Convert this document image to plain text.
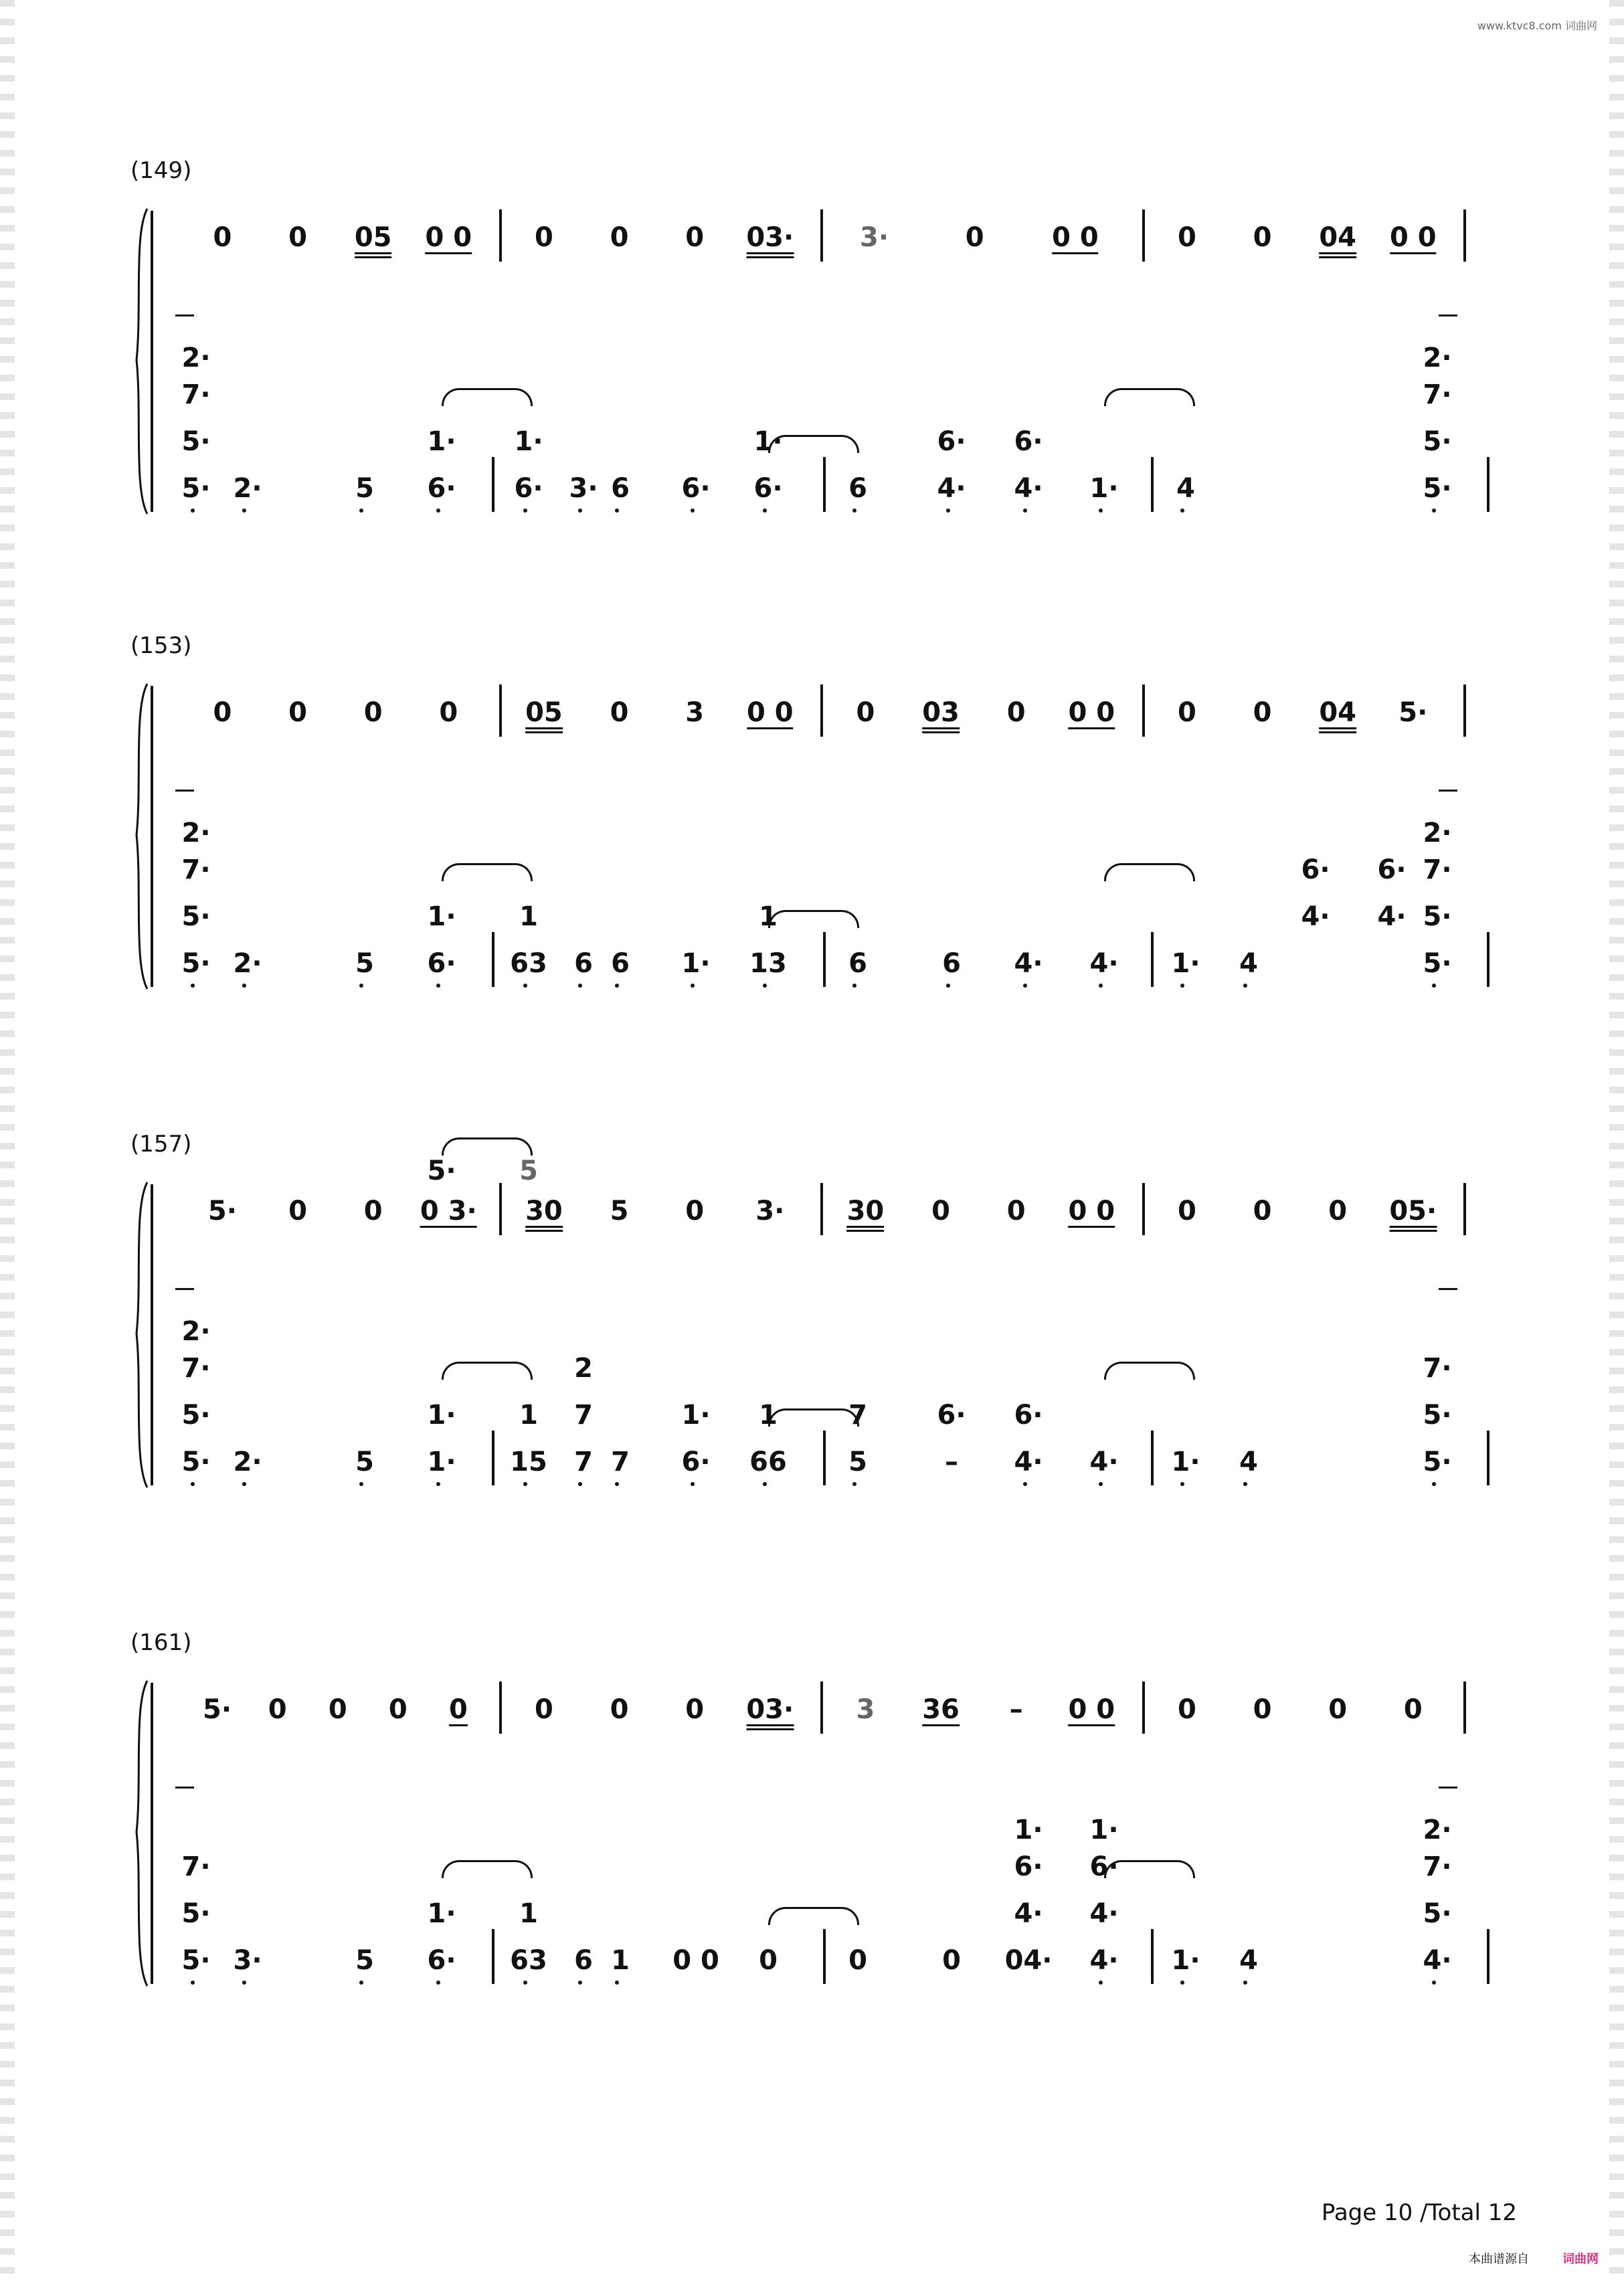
www.ktvc8.com 词曲网
(149)
0 0 05 0 0 0 0 0 03· 3·	0	0 0	0 0 04 0 0
2·	2·
7·	7·
5·	1· 1·	1·	6· 6·	5·
5· 2·	5 6· 6· 3· 6 6· 6· 6	4· 4· 1· 4	5·
(153)
0 0 0 0	05 0 3 0 0 0 03 0 0 0 0 0 04 5·
2·	2·
7·	6· 6· 7·
5·	1· 1	1	4· 4· 5·
5· 2·	5 6· 63 6 6 1· 13 6	6 4· 4· 1· 4	5·
(157)
5· 0 0 0 3· 30 5 0 3· 30 0 0 0 0 0 0 0 05·
5· 5
2·
7·	2	7·
5·	1· 1 7	1· 1	7	6· 6·	5·
5· 2·	5 1· 15 7 7 6· 66 5	– 4· 4· 1· 4	5·
(161)
5· 0 0 0 0	0 0 0 03· 3 36 – 0 0 0 0 0 0
1· 1·	2·
7·	6· 6·	7·
5·	1· 1	4· 4·	5·
5· 3·	5 6· 63 6 1 0 0 0	0	0 04· 4· 1· 4	4·
Page 10 /Total 12
本曲谱源自	词曲网
